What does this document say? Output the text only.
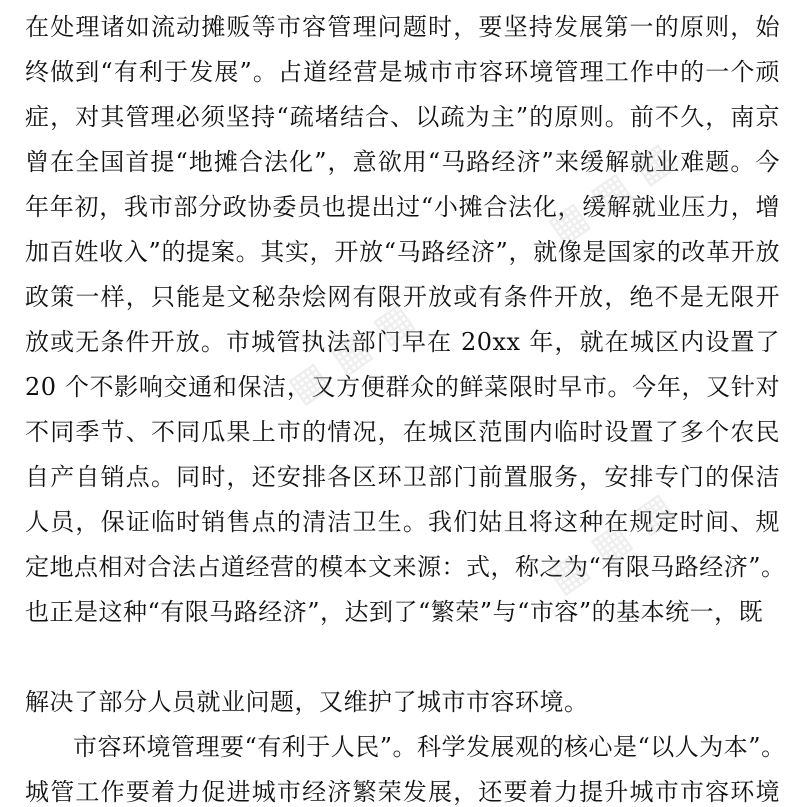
在处理诸如流动摊贩等市容管理问题时，要坚持发展第一的原则，始
终做到“有利于发展”。占道经营是城市市容环境管理工作中的一个顽
症，对其管理必须坚持“疏堵结合、以疏为主”的原则。前不久，南京
曾在全国首提“地摊合法化”，意欲用“马路经济”来缓解就业难题。今
年年初，我市部分政协委员也提出过“小摊合法化，缓解就业压力，增
加百姓收入”的提案。其实，开放“马路经济”，就像是国家的改革开放
政策一样，只能是文秘杂烩网有限开放或有条件开放，绝不是无限开
放或无条件开放。市城管执法部门早在 20xx 年，就在城区内设置了
20 个不影响交通和保洁，又方便群众的鲜菜限时早市。今年，又针对
不同季节、不同瓜果上市的情况，在城区范围内临时设置了多个农民
自产自销点。同时，还安排各区环卫部门前置服务，安排专门的保洁
人员，保证临时销售点的清洁卫生。我们姑且将这种在规定时间、规
定地点相对合法占道经营的模本文来源：式，称之为“有限马路经济”。
也正是这种“有限马路经济”，达到了“繁荣”与“市容”的基本统一，既
解决了部分人员就业问题，又维护了城市市容环境。
市容环境管理要“有利于人民”。科学发展观的核心是“以人为本”。
城管工作要着力促进城市经济繁荣发展，还要着力提升城市市容环境
▦ ▦ ▦
▦ ▦ ▦
▦ ▦ ▦
